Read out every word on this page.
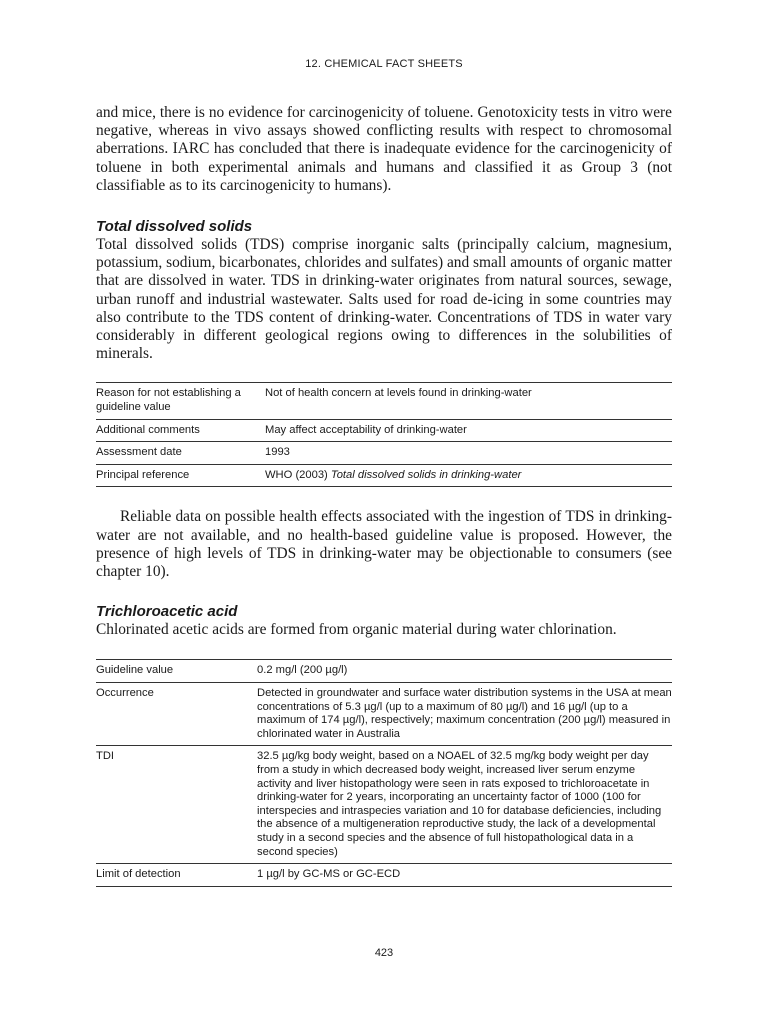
12. CHEMICAL FACT SHEETS

and mice, there is no evidence for carcinogenicity of toluene. Genotoxicity tests in vitro were negative, whereas in vivo assays showed conflicting results with respect to chromosomal aberrations. IARC has concluded that there is inadequate evidence for the carcinogenicity of toluene in both experimental animals and humans and classified it as Group 3 (not classifiable as to its carcinogenicity to humans).

Total dissolved solids

Total dissolved solids (TDS) comprise inorganic salts (principally calcium, magnesium, potassium, sodium, bicarbonates, chlorides and sulfates) and small amounts of organic matter that are dissolved in water. TDS in drinking-water originates from natural sources, sewage, urban runoff and industrial wastewater. Salts used for road de-icing in some countries may also contribute to the TDS content of drinking-water. Concentrations of TDS in water vary considerably in different geological regions owing to differences in the solubilities of minerals.

Reason for not establishing a guideline value	Not of health concern at levels found in drinking-water
Additional comments	May affect acceptability of drinking-water
Assessment date	1993
Principal reference	WHO (2003) Total dissolved solids in drinking-water

Reliable data on possible health effects associated with the ingestion of TDS in drinking-water are not available, and no health-based guideline value is proposed. However, the presence of high levels of TDS in drinking-water may be objectionable to consumers (see chapter 10).

Trichloroacetic acid

Chlorinated acetic acids are formed from organic material during water chlorination.

Guideline value	0.2 mg/l (200 µg/l)
Occurrence	Detected in groundwater and surface water distribution systems in the USA at mean concentrations of 5.3 µg/l (up to a maximum of 80 µg/l) and 16 µg/l (up to a maximum of 174 µg/l), respectively; maximum concentration (200 µg/l) measured in chlorinated water in Australia
TDI	32.5 µg/kg body weight, based on a NOAEL of 32.5 mg/kg body weight per day from a study in which decreased body weight, increased liver serum enzyme activity and liver histopathology were seen in rats exposed to trichloroacetate in drinking-water for 2 years, incorporating an uncertainty factor of 1000 (100 for interspecies and intraspecies variation and 10 for database deficiencies, including the absence of a multigeneration reproductive study, the lack of a developmental study in a second species and the absence of full histopathological data in a second species)
Limit of detection	1 µg/l by GC-MS or GC-ECD
423
